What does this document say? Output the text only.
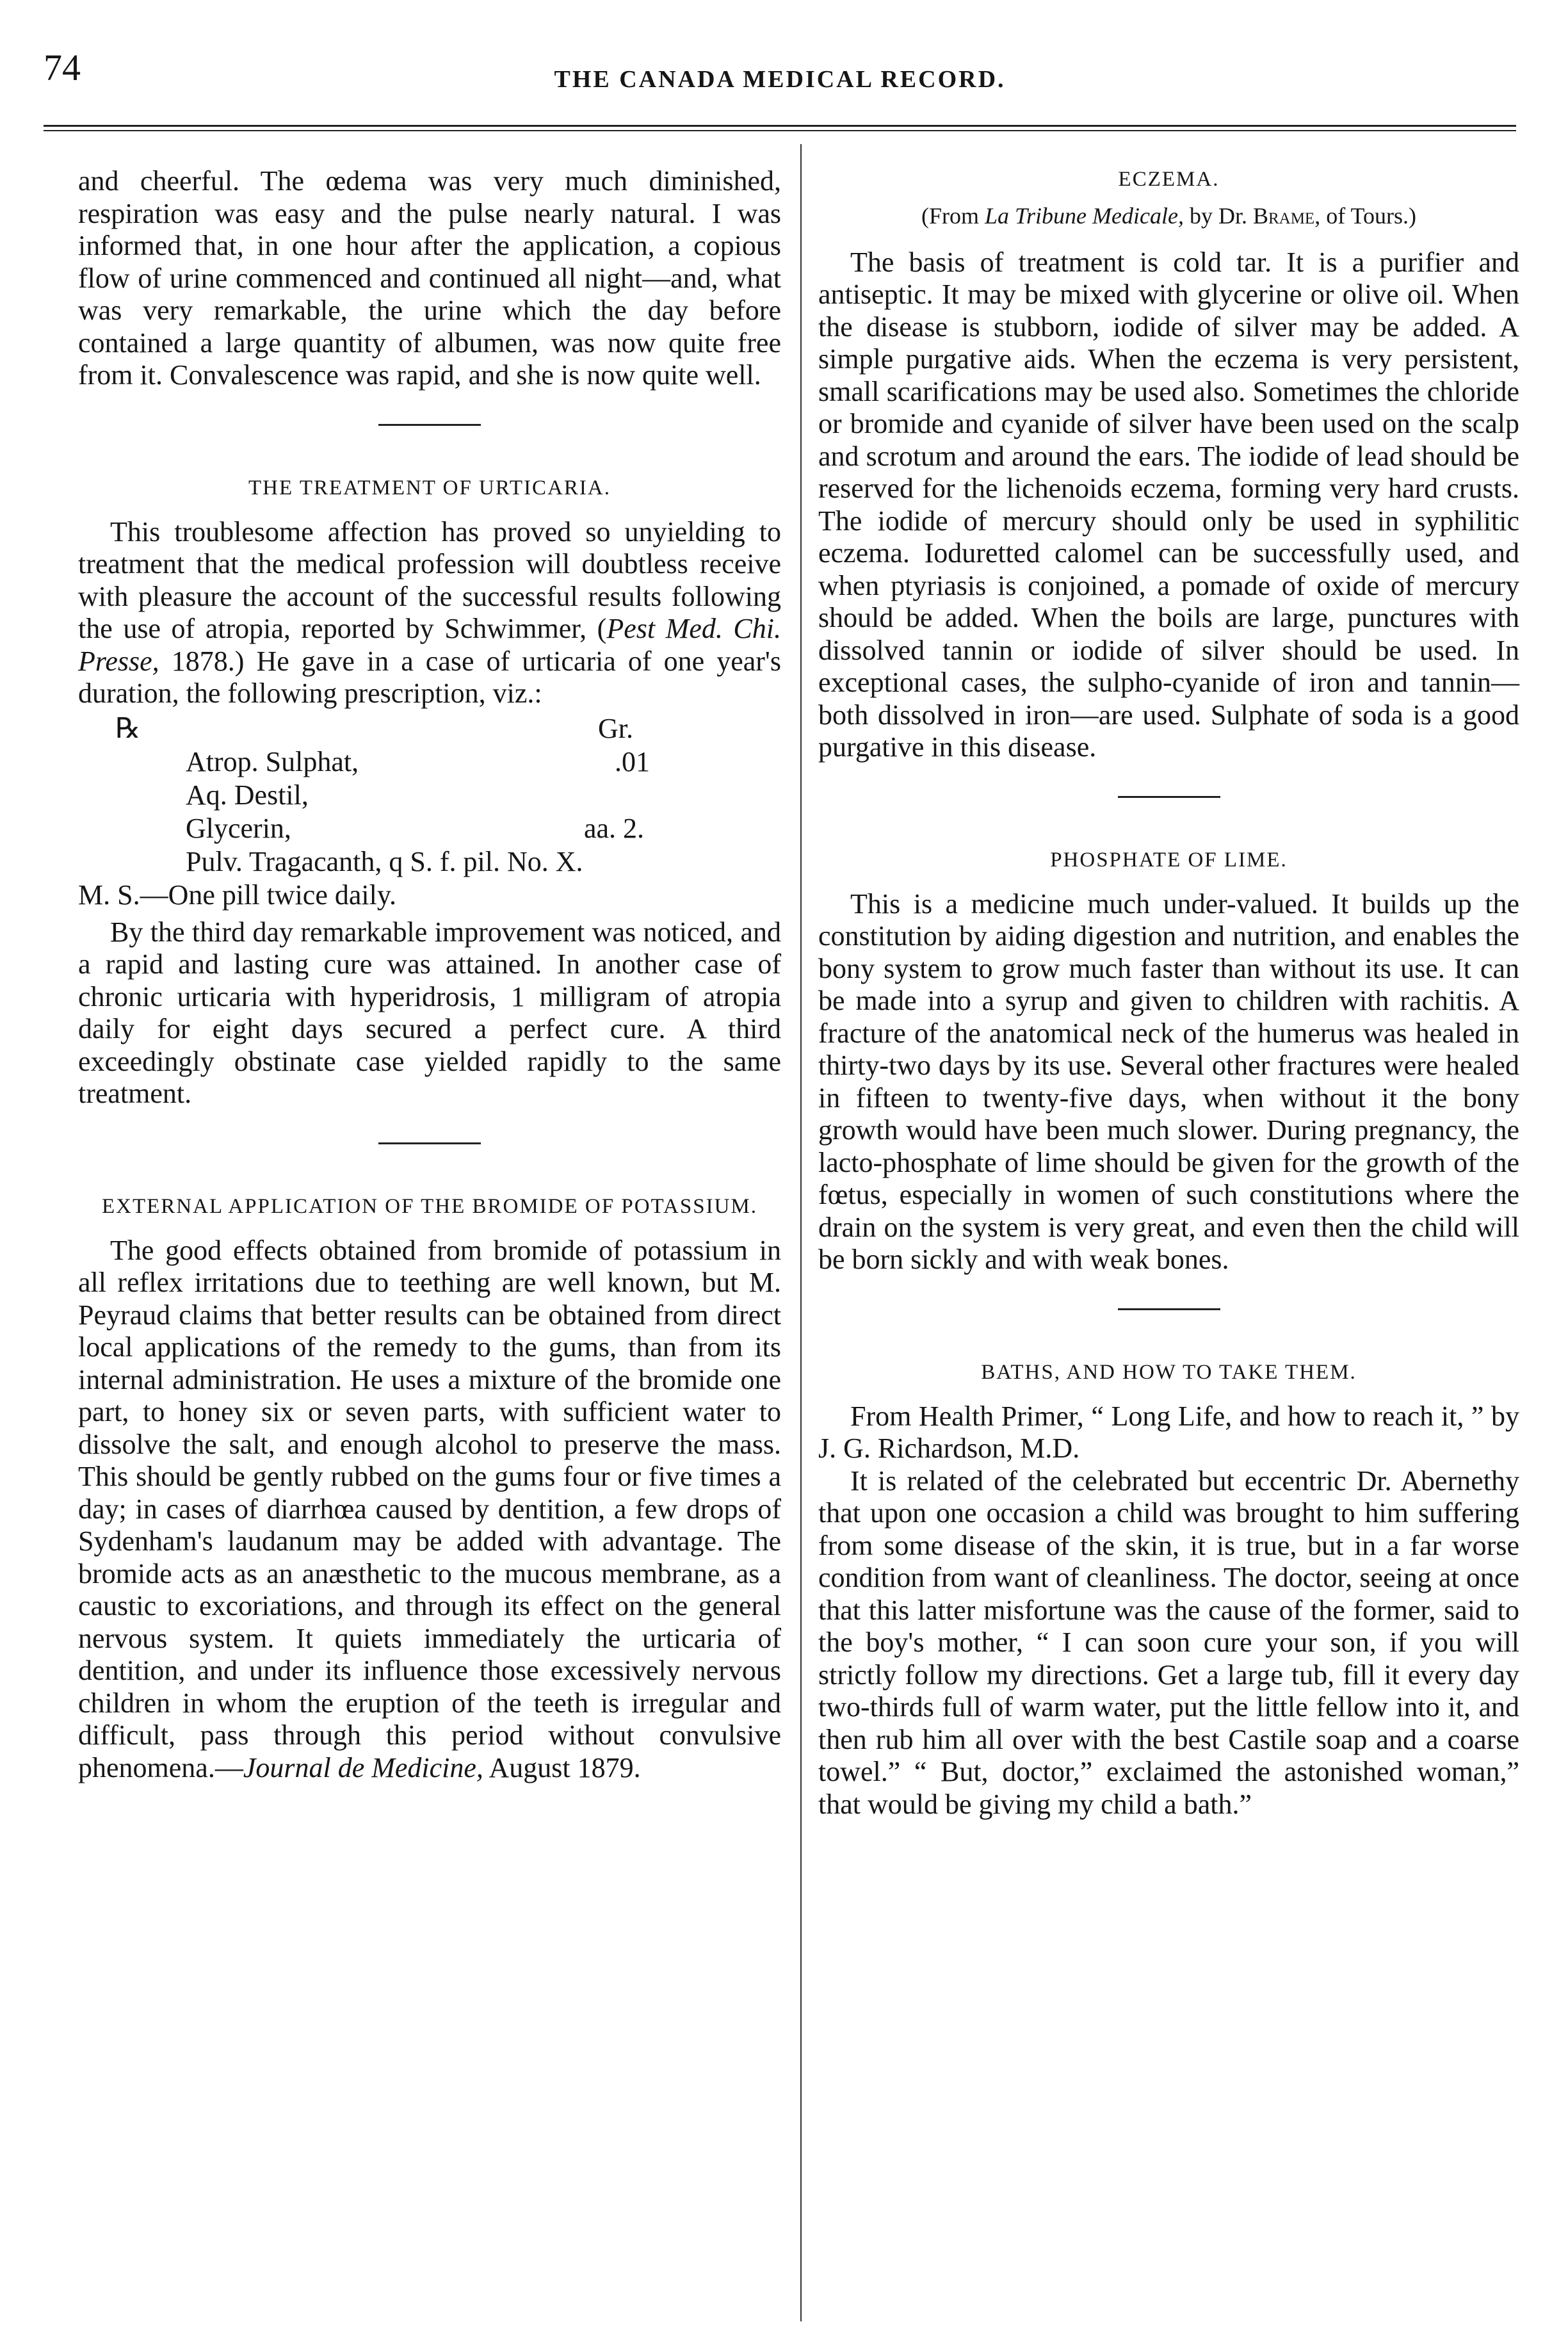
74	THE CANADA MEDICAL RECORD.

and cheerful. The œdema was very much diminished, respiration was easy and the pulse nearly natural. I was informed that, in one hour after the application, a copious flow of urine commenced and continued all night—and, what was very remarkable, the urine which the day before contained a large quantity of albumen, was now quite free from it. Convalescence was rapid, and she is now quite well.

THE TREATMENT OF URTICARIA.

This troublesome affection has proved so unyielding to treatment that the medical profession will doubtless receive with pleasure the account of the successful results following the use of atropia, reported by Schwimmer, (Pest Med. Chi. Presse, 1878.) He gave in a case of urticaria of one year's duration, the following prescription, viz.:

℞	Gr.
Atrop. Sulphat,	.01
Aq. Destil,
Glycerin,	aa. 2.
Pulv. Tragacanth, q S. f. pil. No. X.
M. S.—One pill twice daily.

By the third day remarkable improvement was noticed, and a rapid and lasting cure was attained. In another case of chronic urticaria with hyperidrosis, 1 milligram of atropia daily for eight days secured a perfect cure. A third exceedingly obstinate case yielded rapidly to the same treatment.

EXTERNAL APPLICATION OF THE BROMIDE OF POTASSIUM.

The good effects obtained from bromide of potassium in all reflex irritations due to teething are well known, but M. Peyraud claims that better results can be obtained from direct local applications of the remedy to the gums, than from its internal administration. He uses a mixture of the bromide one part, to honey six or seven parts, with sufficient water to dissolve the salt, and enough alcohol to preserve the mass. This should be gently rubbed on the gums four or five times a day; in cases of diarrhœa caused by dentition, a few drops of Sydenham's laudanum may be added with advantage. The bromide acts as an anæsthetic to the mucous membrane, as a caustic to excoriations, and through its effect on the general nervous system. It quiets immediately the urticaria of dentition, and under its influence those excessively nervous children in whom the eruption of the teeth is irregular and difficult, pass through this period without convulsive phenomena.—Journal de Medicine, August 1879.

ECZEMA.
(From La Tribune Medicale, by Dr. Brame, of Tours.)

The basis of treatment is cold tar. It is a purifier and antiseptic. It may be mixed with glycerine or olive oil. When the disease is stubborn, iodide of silver may be added. A simple purgative aids. When the eczema is very persistent, small scarifications may be used also. Sometimes the chloride or bromide and cyanide of silver have been used on the scalp and scrotum and around the ears. The iodide of lead should be reserved for the lichenoids eczema, forming very hard crusts. The iodide of mercury should only be used in syphilitic eczema. Ioduretted calomel can be successfully used, and when ptyriasis is conjoined, a pomade of oxide of mercury should be added. When the boils are large, punctures with dissolved tannin or iodide of silver should be used. In exceptional cases, the sulpho-cyanide of iron and tannin—both dissolved in iron—are used. Sulphate of soda is a good purgative in this disease.

PHOSPHATE OF LIME.

This is a medicine much under-valued. It builds up the constitution by aiding digestion and nutrition, and enables the bony system to grow much faster than without its use. It can be made into a syrup and given to children with rachitis. A fracture of the anatomical neck of the humerus was healed in thirty-two days by its use. Several other fractures were healed in fifteen to twenty-five days, when without it the bony growth would have been much slower. During pregnancy, the lacto-phosphate of lime should be given for the growth of the fœtus, especially in women of such constitutions where the drain on the system is very great, and even then the child will be born sickly and with weak bones.

BATHS, AND HOW TO TAKE THEM.

From Health Primer, “ Long Life, and how to reach it, ” by J. G. Richardson, M.D.

It is related of the celebrated but eccentric Dr. Abernethy that upon one occasion a child was brought to him suffering from some disease of the skin, it is true, but in a far worse condition from want of cleanliness. The doctor, seeing at once that this latter misfortune was the cause of the former, said to the boy's mother, “ I can soon cure your son, if you will strictly follow my directions. Get a large tub, fill it every day two-thirds full of warm water, put the little fellow into it, and then rub him all over with the best Castile soap and a coarse towel.” “ But, doctor,” exclaimed the astonished woman,” that would be giving my child a bath.”
